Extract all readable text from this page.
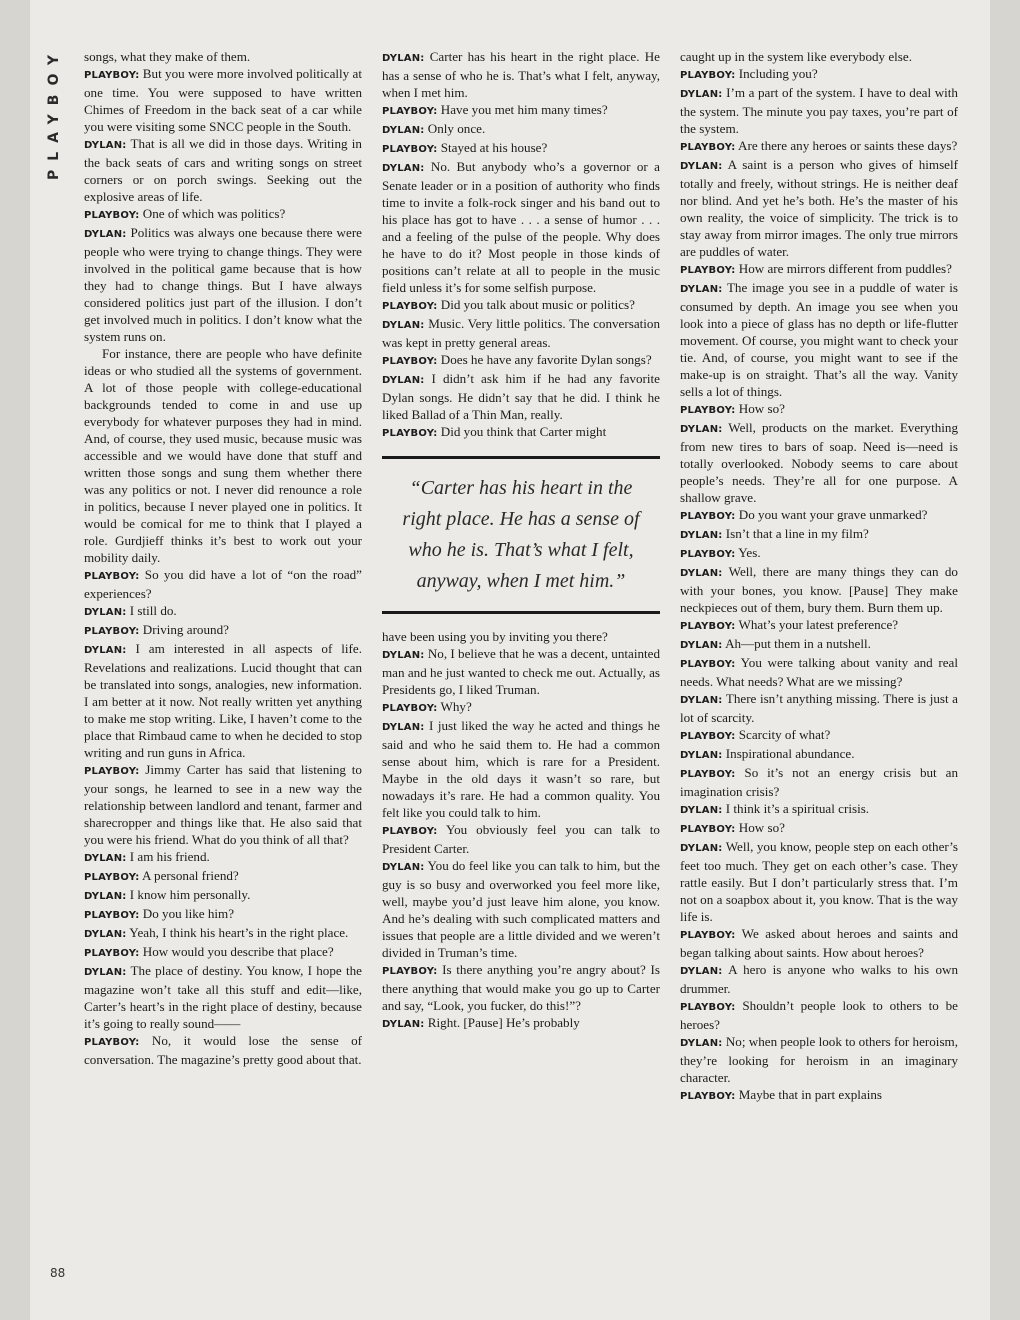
PLAYBOY	songs, what they make of them.

PLAYBOY: But you were more involved politically at one time. You were supposed to have written Chimes of Freedom in the back seat of a car while you were visiting some SNCC people in the South.

DYLAN: That is all we did in those days. Writing in the back seats of cars and writing songs on street corners or on porch swings. Seeking out the explosive areas of life.

PLAYBOY: One of which was politics?

DYLAN: Politics was always one because there were people who were trying to change things. They were involved in the political game because that is how they had to change things. But I have always considered politics just part of the illusion. I don’t get involved much in politics. I don’t know what the system runs on.

For instance, there are people who have definite ideas or who studied all the systems of government. A lot of those people with college-educational backgrounds tended to come in and use up everybody for whatever purposes they had in mind. And, of course, they used music, because music was accessible and we would have done that stuff and written those songs and sung them whether there was any politics or not. I never did renounce a role in politics, because I never played one in politics. It would be comical for me to think that I played a role. Gurdjieff thinks it’s best to work out your mobility daily.

PLAYBOY: So you did have a lot of “on the road” experiences?

DYLAN: I still do.

PLAYBOY: Driving around?

DYLAN: I am interested in all aspects of life. Revelations and realizations. Lucid thought that can be translated into songs, analogies, new information. I am better at it now. Not really written yet anything to make me stop writing. Like, I haven’t come to the place that Rimbaud came to when he decided to stop writing and run guns in Africa.

PLAYBOY: Jimmy Carter has said that listening to your songs, he learned to see in a new way the relationship between landlord and tenant, farmer and sharecropper and things like that. He also said that you were his friend. What do you think of all that?

DYLAN: I am his friend.

PLAYBOY: A personal friend?

DYLAN: I know him personally.

PLAYBOY: Do you like him?

DYLAN: Yeah, I think his heart’s in the right place.

PLAYBOY: How would you describe that place?

DYLAN: The place of destiny. You know, I hope the magazine won’t take all this stuff and edit—like, Carter’s heart’s in the right place of destiny, because it’s going to really sound——

PLAYBOY: No, it would lose the sense of conversation. The magazine’s pretty good about that.

DYLAN: Carter has his heart in the right place. He has a sense of who he is. That’s what I felt, anyway, when I met him.

PLAYBOY: Have you met him many times?

DYLAN: Only once.

PLAYBOY: Stayed at his house?

DYLAN: No. But anybody who’s a governor or a Senate leader or in a position of authority who finds time to invite a folk-rock singer and his band out to his place has got to have . . . a sense of humor . . . and a feeling of the pulse of the people. Why does he have to do it? Most people in those kinds of positions can’t relate at all to people in the music field unless it’s for some selfish purpose.

PLAYBOY: Did you talk about music or politics?

DYLAN: Music. Very little politics. The conversation was kept in pretty general areas.

PLAYBOY: Does he have any favorite Dylan songs?

DYLAN: I didn’t ask him if he had any favorite Dylan songs. He didn’t say that he did. I think he liked Ballad of a Thin Man, really.

PLAYBOY: Did you think that Carter might

“Carter has his heart in the right place. He has a sense of who he is. That’s what I felt, anyway, when I met him.”

have been using you by inviting you there?

DYLAN: No, I believe that he was a decent, untainted man and he just wanted to check me out. Actually, as Presidents go, I liked Truman.

PLAYBOY: Why?

DYLAN: I just liked the way he acted and things he said and who he said them to. He had a common sense about him, which is rare for a President. Maybe in the old days it wasn’t so rare, but nowadays it’s rare. He had a common quality. You felt like you could talk to him.

PLAYBOY: You obviously feel you can talk to President Carter.

DYLAN: You do feel like you can talk to him, but the guy is so busy and overworked you feel more like, well, maybe you’d just leave him alone, you know. And he’s dealing with such complicated matters and issues that people are a little divided and we weren’t divided in Truman’s time.

PLAYBOY: Is there anything you’re angry about? Is there anything that would make you go up to Carter and say, “Look, you fucker, do this!”?

DYLAN: Right. [Pause] He’s probably

caught up in the system like everybody else.

PLAYBOY: Including you?

DYLAN: I’m a part of the system. I have to deal with the system. The minute you pay taxes, you’re part of the system.

PLAYBOY: Are there any heroes or saints these days?

DYLAN: A saint is a person who gives of himself totally and freely, without strings. He is neither deaf nor blind. And yet he’s both. He’s the master of his own reality, the voice of simplicity. The trick is to stay away from mirror images. The only true mirrors are puddles of water.

PLAYBOY: How are mirrors different from puddles?

DYLAN: The image you see in a puddle of water is consumed by depth. An image you see when you look into a piece of glass has no depth or life-flutter movement. Of course, you might want to check your tie. And, of course, you might want to see if the make-up is on straight. That’s all the way. Vanity sells a lot of things.

PLAYBOY: How so?

DYLAN: Well, products on the market. Everything from new tires to bars of soap. Need is—need is totally overlooked. Nobody seems to care about people’s needs. They’re all for one purpose. A shallow grave.

PLAYBOY: Do you want your grave unmarked?

DYLAN: Isn’t that a line in my film?

PLAYBOY: Yes.

DYLAN: Well, there are many things they can do with your bones, you know. [Pause] They make neckpieces out of them, bury them. Burn them up.

PLAYBOY: What’s your latest preference?

DYLAN: Ah—put them in a nutshell.

PLAYBOY: You were talking about vanity and real needs. What needs? What are we missing?

DYLAN: There isn’t anything missing. There is just a lot of scarcity.

PLAYBOY: Scarcity of what?

DYLAN: Inspirational abundance.

PLAYBOY: So it’s not an energy crisis but an imagination crisis?

DYLAN: I think it’s a spiritual crisis.

PLAYBOY: How so?

DYLAN: Well, you know, people step on each other’s feet too much. They get on each other’s case. They rattle easily. But I don’t particularly stress that. I’m not on a soapbox about it, you know. That is the way life is.

PLAYBOY: We asked about heroes and saints and began talking about saints. How about heroes?

DYLAN: A hero is anyone who walks to his own drummer.

PLAYBOY: Shouldn’t people look to others to be heroes?

DYLAN: No; when people look to others for heroism, they’re looking for heroism in an imaginary character.

PLAYBOY: Maybe that in part explains

88
